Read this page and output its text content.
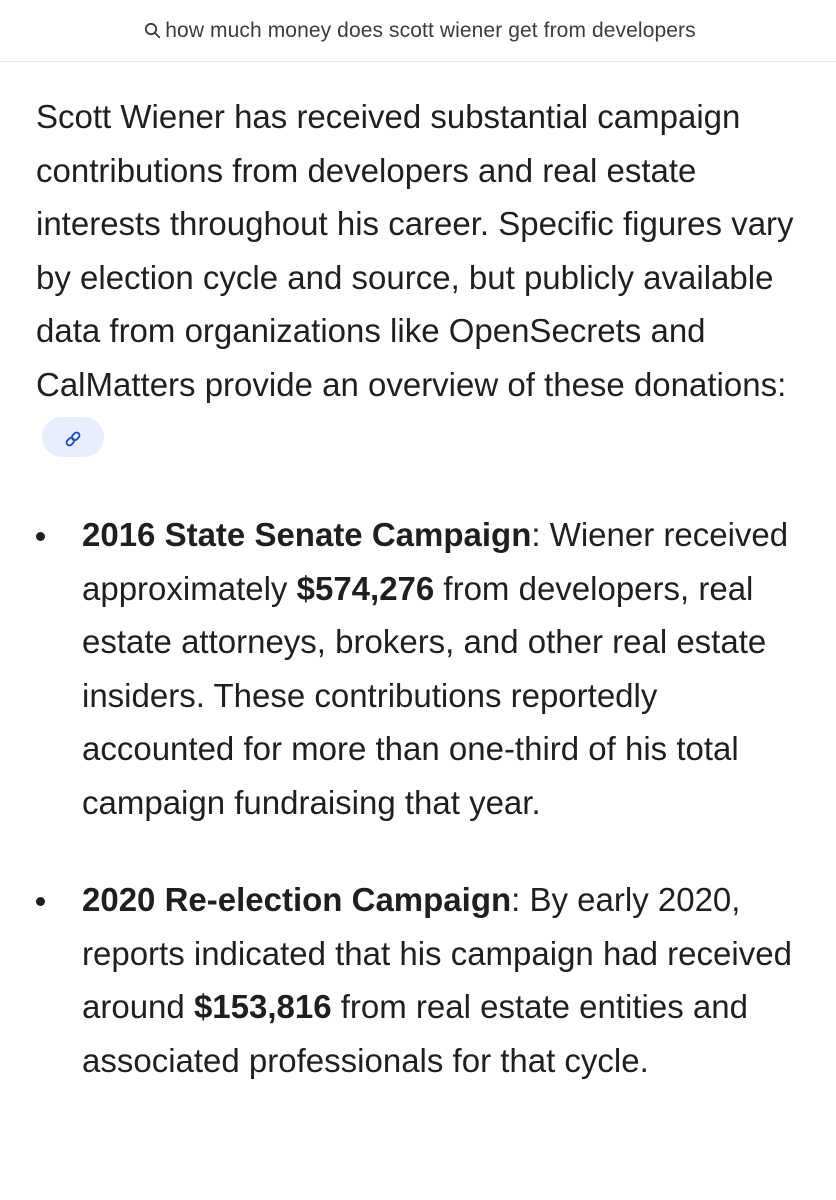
how much money does scott wiener get from developers

Scott Wiener has received substantial campaign contributions from developers and real estate interests throughout his career. Specific figures vary by election cycle and source, but publicly available data from organizations like OpenSecrets and CalMatters provide an overview of these donations:

2016 State Senate Campaign: Wiener received approximately $574,276 from developers, real estate attorneys, brokers, and other real estate insiders. These contributions reportedly accounted for more than one-third of his total campaign fundraising that year.
2020 Re-election Campaign: By early 2020, reports indicated that his campaign had received around $153,816 from real estate entities and associated professionals for that cycle.
